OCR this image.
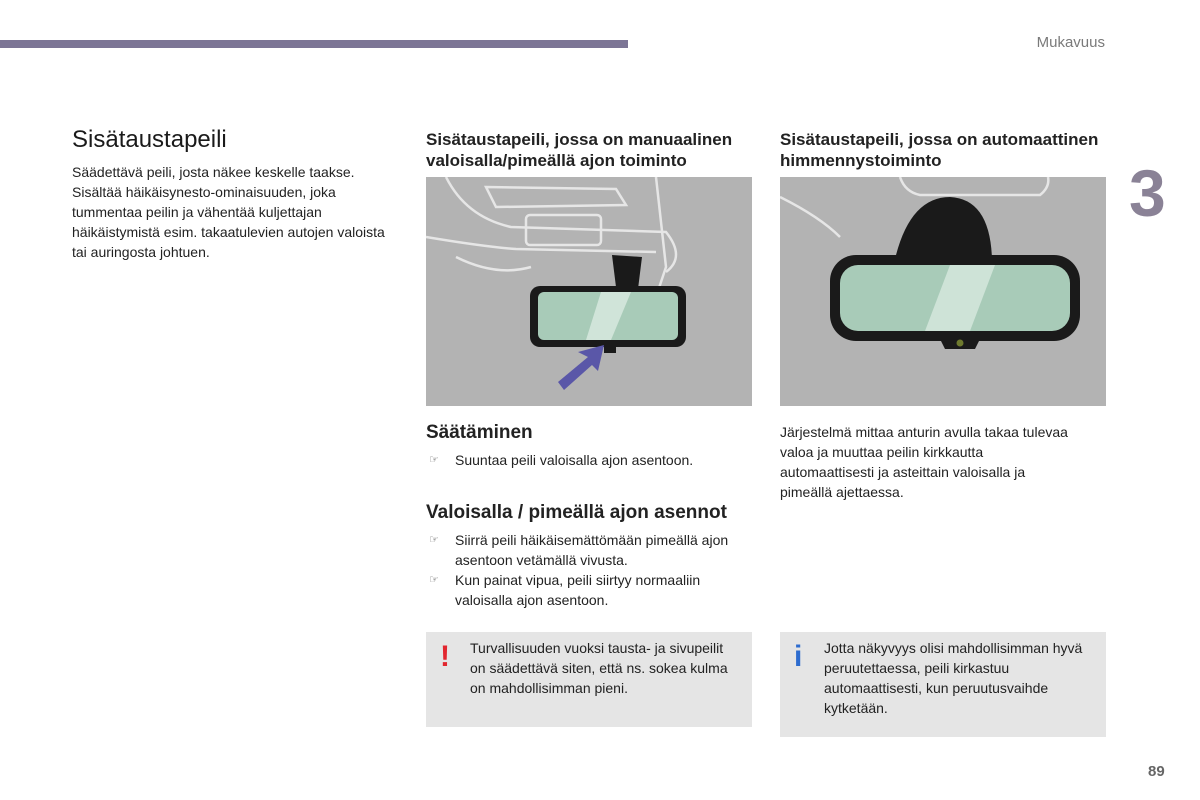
Mukavuus
3
Sisätaustapeili

Säädettävä peili, josta näkee keskelle taakse. Sisältää häikäisynesto-ominaisuuden, joka tummentaa peilin ja vähentää kuljettajan häikäistymistä esim. takaatulevien autojen valoista tai auringosta johtuen.

Sisätaustapeili, jossa on manuaalinen valoisalla/pimeällä ajon toiminto
Säätäminen
☞ Suuntaa peili valoisalla ajon asentoon.
Valoisalla / pimeällä ajon asennot
☞ Siirrä peili häikäisemättömään pimeällä ajon asentoon vetämällä vivusta.
☞ Kun painat vipua, peili siirtyy normaaliin valoisalla ajon asentoon.
! Turvallisuuden vuoksi tausta- ja sivupeilit on säädettävä siten, että ns. sokea kulma on mahdollisimman pieni.

Sisätaustapeili, jossa on automaattinen himmennystoiminto

Järjestelmä mittaa anturin avulla takaa tulevaa valoa ja muuttaa peilin kirkkautta automaattisesti ja asteittain valoisalla ja pimeällä ajettaessa.

i Jotta näkyvyys olisi mahdollisimman hyvä peruutettaessa, peili kirkastuu automaattisesti, kun peruutusvaihde kytketään.

89
